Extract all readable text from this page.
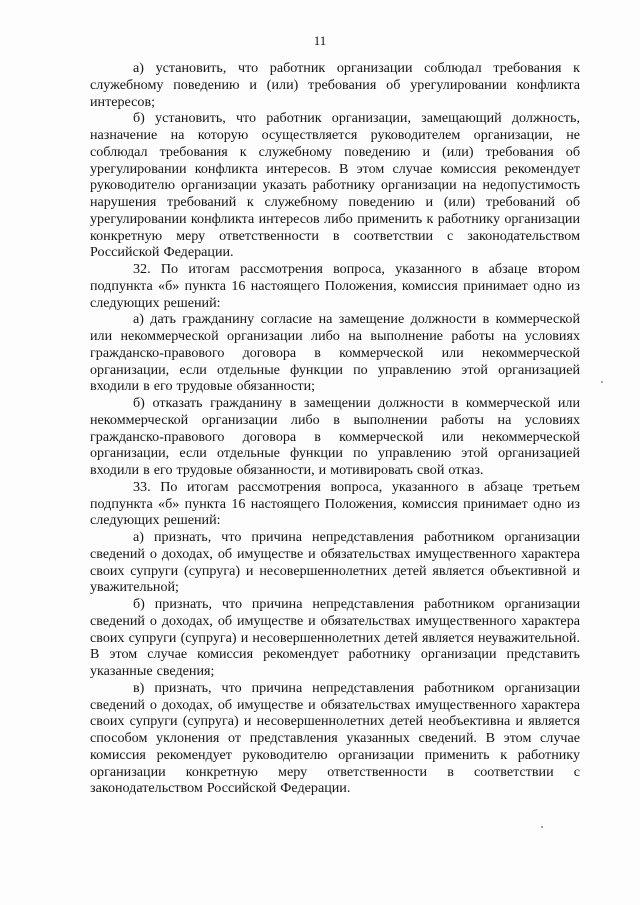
11

а) установить, что работник организации соблюдал требования к служебному поведению и (или) требования об урегулировании конфликта интересов;

б) установить, что работник организации, замещающий должность, назначение на которую осуществляется руководителем организации, не соблюдал требования к служебному поведению и (или) требования об урегулировании конфликта интересов. В этом случае комиссия рекомендует руководителю организации указать работнику организации на недопустимость нарушения требований к служебному поведению и (или) требований об урегулировании конфликта интересов либо применить к работнику организации конкретную меру ответственности в соответствии с законодательством Российской Федерации.

32. По итогам рассмотрения вопроса, указанного в абзаце втором подпункта «б» пункта 16 настоящего Положения, комиссия принимает одно из следующих решений:

а) дать гражданину согласие на замещение должности в коммерческой или некоммерческой организации либо на выполнение работы на условиях гражданско-правового договора в коммерческой или некоммерческой организации, если отдельные функции по управлению этой организацией входили в его трудовые обязанности;

б) отказать гражданину в замещении должности в коммерческой или некоммерческой организации либо в выполнении работы на условиях гражданско-правового договора в коммерческой или некоммерческой организации, если отдельные функции по управлению этой организацией входили в его трудовые обязанности, и мотивировать свой отказ.

33. По итогам рассмотрения вопроса, указанного в абзаце третьем подпункта «б» пункта 16 настоящего Положения, комиссия принимает одно из следующих решений:

а) признать, что причина непредставления работником организации сведений о доходах, об имуществе и обязательствах имущественного характера своих супруги (супруга) и несовершеннолетних детей является объективной и уважительной;

б) признать, что причина непредставления работником организации сведений о доходах, об имуществе и обязательствах имущественного характера своих супруги (супруга) и несовершеннолетних детей является неуважительной. В этом случае комиссия рекомендует работнику организации представить указанные сведения;

в) признать, что причина непредставления работником организации сведений о доходах, об имуществе и обязательствах имущественного характера своих супруги (супруга) и несовершеннолетних детей необъективна и является способом уклонения от представления указанных сведений. В этом случае комиссия рекомендует руководителю организации применить к работнику организации конкретную меру ответственности в соответствии с законодательством Российской Федерации.
